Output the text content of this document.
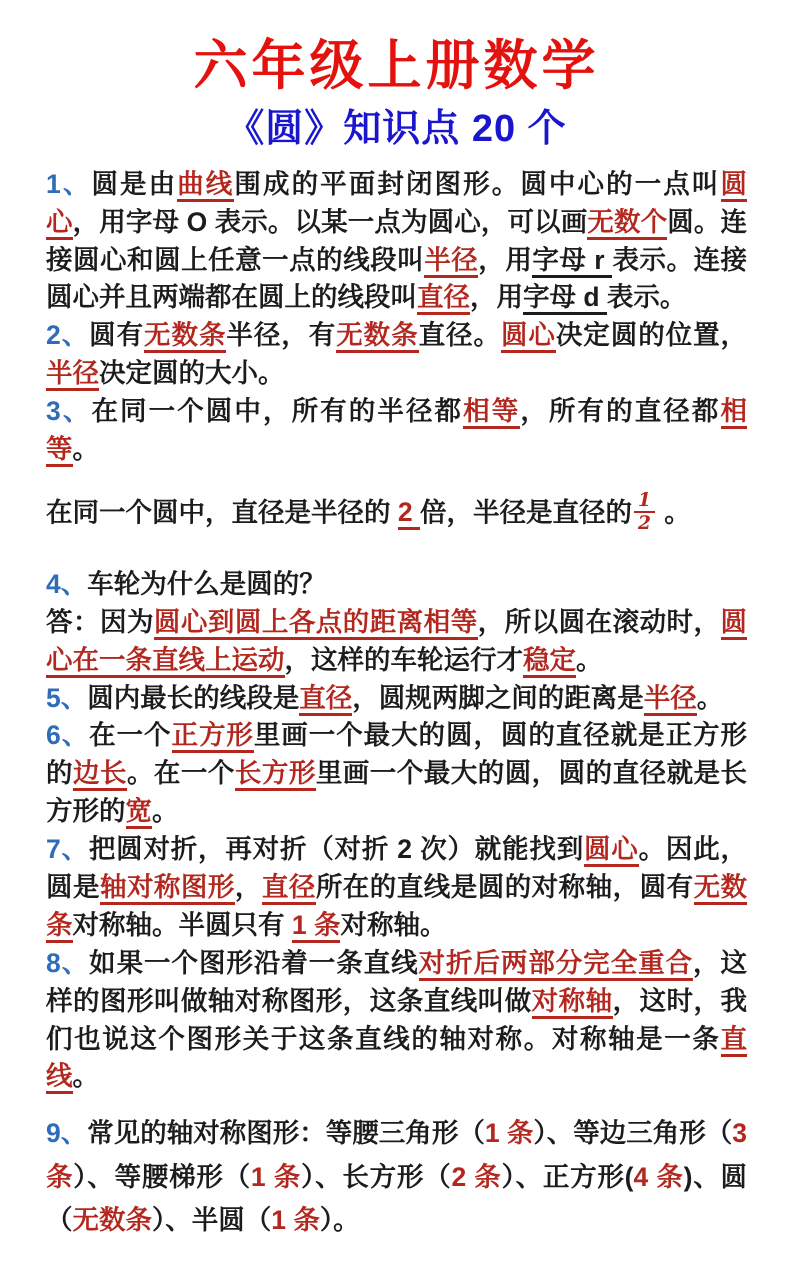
六年级上册数学
《圆》知识点 20 个

1、圆是由曲线围成的平面封闭图形。圆中心的一点叫圆心，用字母 O 表示。以某一点为圆心，可以画无数个圆。连接圆心和圆上任意一点的线段叫半径，用字母 r 表示。连接圆心并且两端都在圆上的线段叫直径，用字母 d 表示。

2、圆有无数条半径，有无数条直径。圆心决定圆的位置，半径决定圆的大小。

3、在同一个圆中，所有的半径都相等，所有的直径都相等。

在同一个圆中，直径是半径的 2 倍，半径是直径的 $\frac{1}{2}$ 。

4、车轮为什么是圆的？

答：因为圆心到圆上各点的距离相等，所以圆在滚动时，圆心在一条直线上运动，这样的车轮运行才稳定。

5、圆内最长的线段是直径，圆规两脚之间的距离是半径。

6、在一个正方形里画一个最大的圆，圆的直径就是正方形的边长。在一个长方形里画一个最大的圆，圆的直径就是长方形的宽。

7、把圆对折，再对折（对折 2 次）就能找到圆心。因此，圆是轴对称图形，直径所在的直线是圆的对称轴，圆有无数条对称轴。半圆只有 1 条对称轴。

8、如果一个图形沿着一条直线对折后两部分完全重合，这样的图形叫做轴对称图形，这条直线叫做对称轴，这时，我们也说这个图形关于这条直线的轴对称。对称轴是一条直线。

9、常见的轴对称图形：等腰三角形（1 条）、等边三角形（3 条）、等腰梯形（1 条）、长方形（2 条）、正方形(4 条)、圆（无数条）、半圆（1 条）。
